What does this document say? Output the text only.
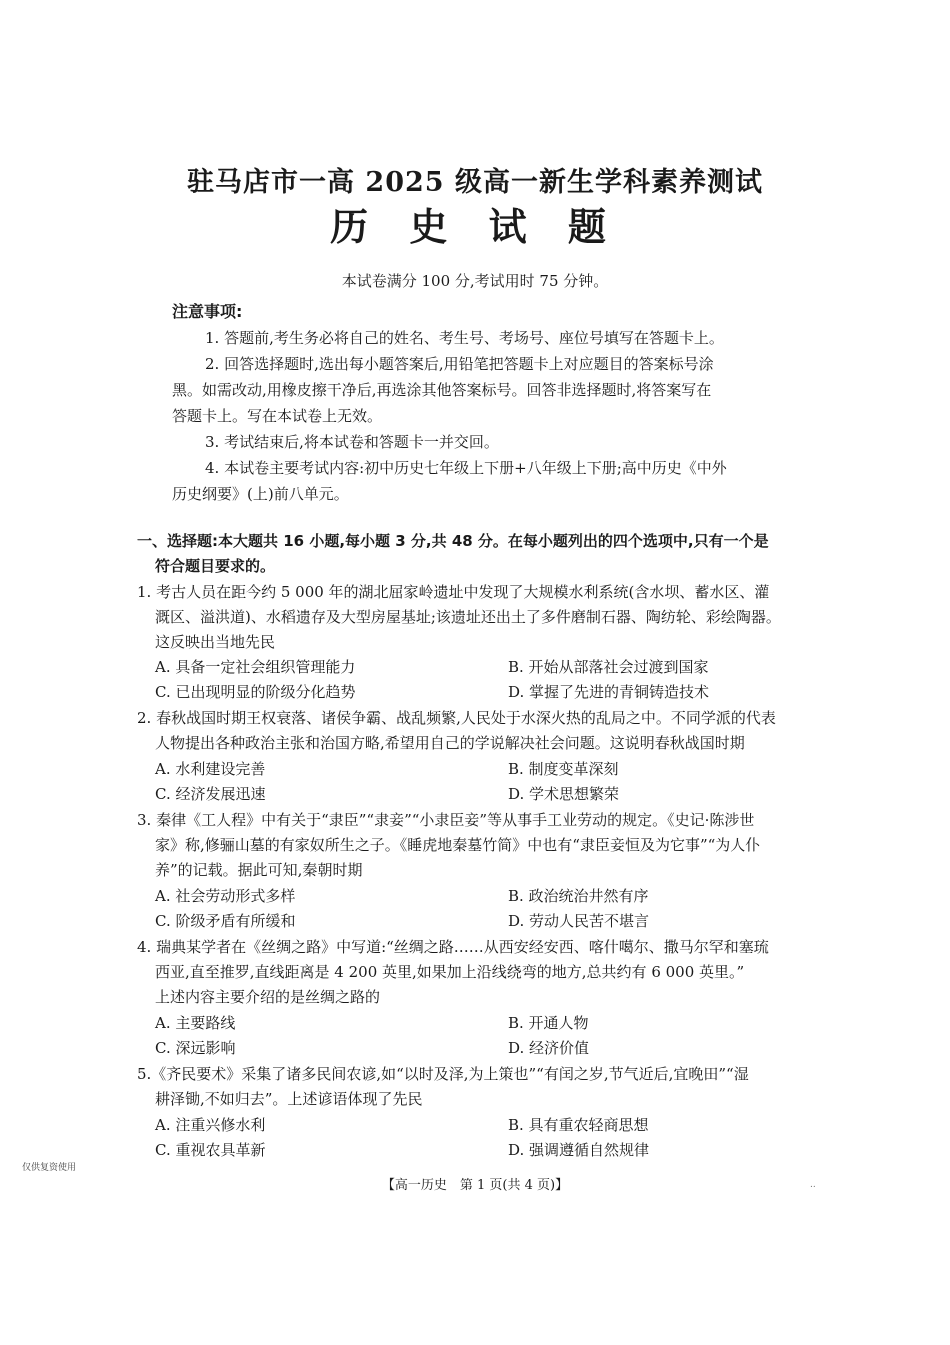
驻马店市一高 2025 级高一新生学科素养测试
历 史 试 题
本试卷满分 100 分,考试用时 75 分钟。
注意事项:
1. 答题前,考生务必将自己的姓名、考生号、考场号、座位号填写在答题卡上。
2. 回答选择题时,选出每小题答案后,用铅笔把答题卡上对应题目的答案标号涂
黑。如需改动,用橡皮擦干净后,再选涂其他答案标号。回答非选择题时,将答案写在
答题卡上。写在本试卷上无效。
3. 考试结束后,将本试卷和答题卡一并交回。
4. 本试卷主要考试内容:初中历史七年级上下册+八年级上下册;高中历史《中外
历史纲要》(上)前八单元。
一、选择题:本大题共 16 小题,每小题 3 分,共 48 分。在每小题列出的四个选项中,只有一个是
符合题目要求的。
1. 考古人员在距今约 5 000 年的湖北屈家岭遗址中发现了大规模水利系统(含水坝、蓄水区、灌
溉区、溢洪道)、水稻遗存及大型房屋基址;该遗址还出土了多件磨制石器、陶纺轮、彩绘陶器。
这反映出当地先民
A. 具备一定社会组织管理能力	B. 开始从部落社会过渡到国家
C. 已出现明显的阶级分化趋势	D. 掌握了先进的青铜铸造技术
2. 春秋战国时期王权衰落、诸侯争霸、战乱频繁,人民处于水深火热的乱局之中。不同学派的代表
人物提出各种政治主张和治国方略,希望用自己的学说解决社会问题。这说明春秋战国时期
A. 水利建设完善	B. 制度变革深刻
C. 经济发展迅速	D. 学术思想繁荣
3. 秦律《工人程》中有关于“隶臣”“隶妾”“小隶臣妾”等从事手工业劳动的规定。《史记·陈涉世
家》称,修骊山墓的有家奴所生之子。《睡虎地秦墓竹简》中也有“隶臣妾恒及为它事”“为人仆
养”的记载。据此可知,秦朝时期
A. 社会劳动形式多样	B. 政治统治井然有序
C. 阶级矛盾有所缓和	D. 劳动人民苦不堪言
4. 瑞典某学者在《丝绸之路》中写道:“丝绸之路……从西安经安西、喀什噶尔、撒马尔罕和塞琉
西亚,直至推罗,直线距离是 4 200 英里,如果加上沿线绕弯的地方,总共约有 6 000 英里。”
上述内容主要介绍的是丝绸之路的
A. 主要路线	B. 开通人物
C. 深远影响	D. 经济价值
5.《齐民要术》采集了诸多民间农谚,如“以时及泽,为上策也”“有闰之岁,节气近后,宜晚田”“湿
耕泽锄,不如归去”。上述谚语体现了先民
A. 注重兴修水利	B. 具有重农轻商思想
C. 重视农具革新	D. 强调遵循自然规律
仅供复资使用
【高一历史　第 1 页(共 4 页)】	..
